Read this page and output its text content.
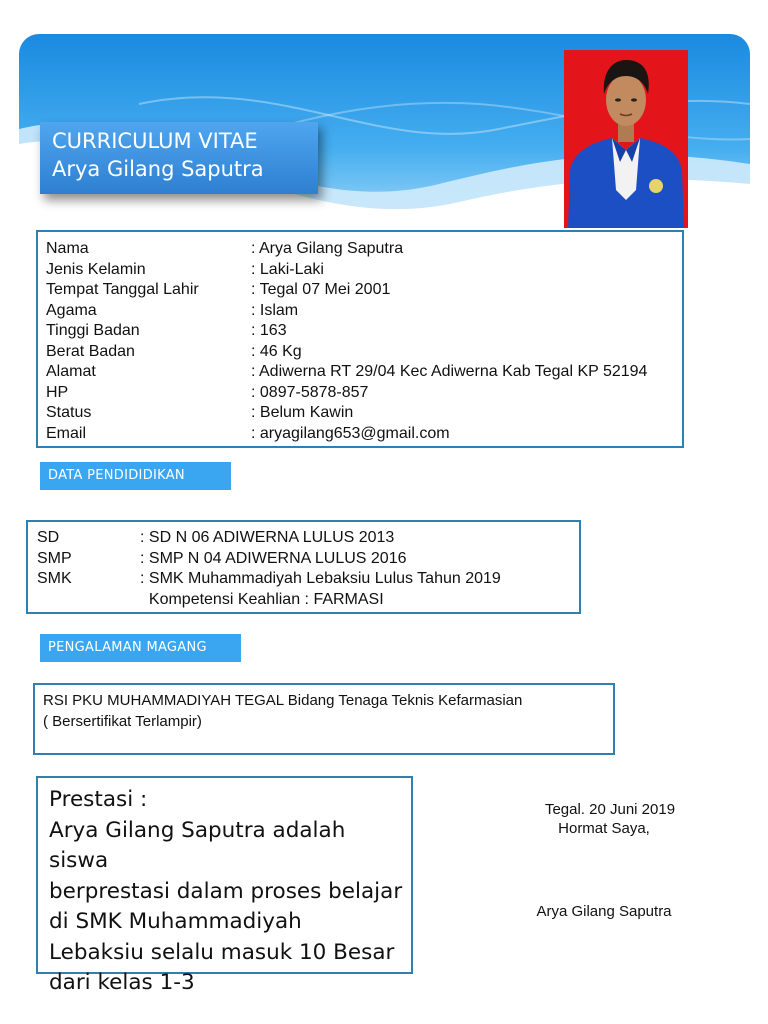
CURRICULUM VITAE
Arya Gilang Saputra
Nama	: Arya Gilang Saputra
Jenis Kelamin	: Laki-Laki
Tempat Tanggal Lahir	: Tegal 07 Mei 2001
Agama	: Islam
Tinggi Badan	: 163
Berat Badan	: 46 Kg
Alamat	: Adiwerna RT 29/04 Kec Adiwerna Kab Tegal KP 52194
HP	: 0897-5878-857
Status	: Belum Kawin
Email	: aryagilang653@gmail.com
DATA PENDIDIDIKAN
SD	: SD N 06 ADIWERNA LULUS 2013
SMP	: SMP N 04 ADIWERNA LULUS 2016
SMK	: SMK Muhammadiyah Lebaksiu Lulus Tahun 2019
Kompetensi Keahlian : FARMASI
PENGALAMAN MAGANG
RSI PKU MUHAMMADIYAH TEGAL Bidang Tenaga Teknis Kefarmasian
( Bersertifikat Terlampir)
Prestasi :
Arya Gilang Saputra adalah siswa
berprestasi dalam proses belajar
di SMK Muhammadiyah
Lebaksiu selalu masuk 10 Besar
dari kelas 1-3
Tegal. 20 Juni 2019
Hormat Saya,
Arya Gilang Saputra
